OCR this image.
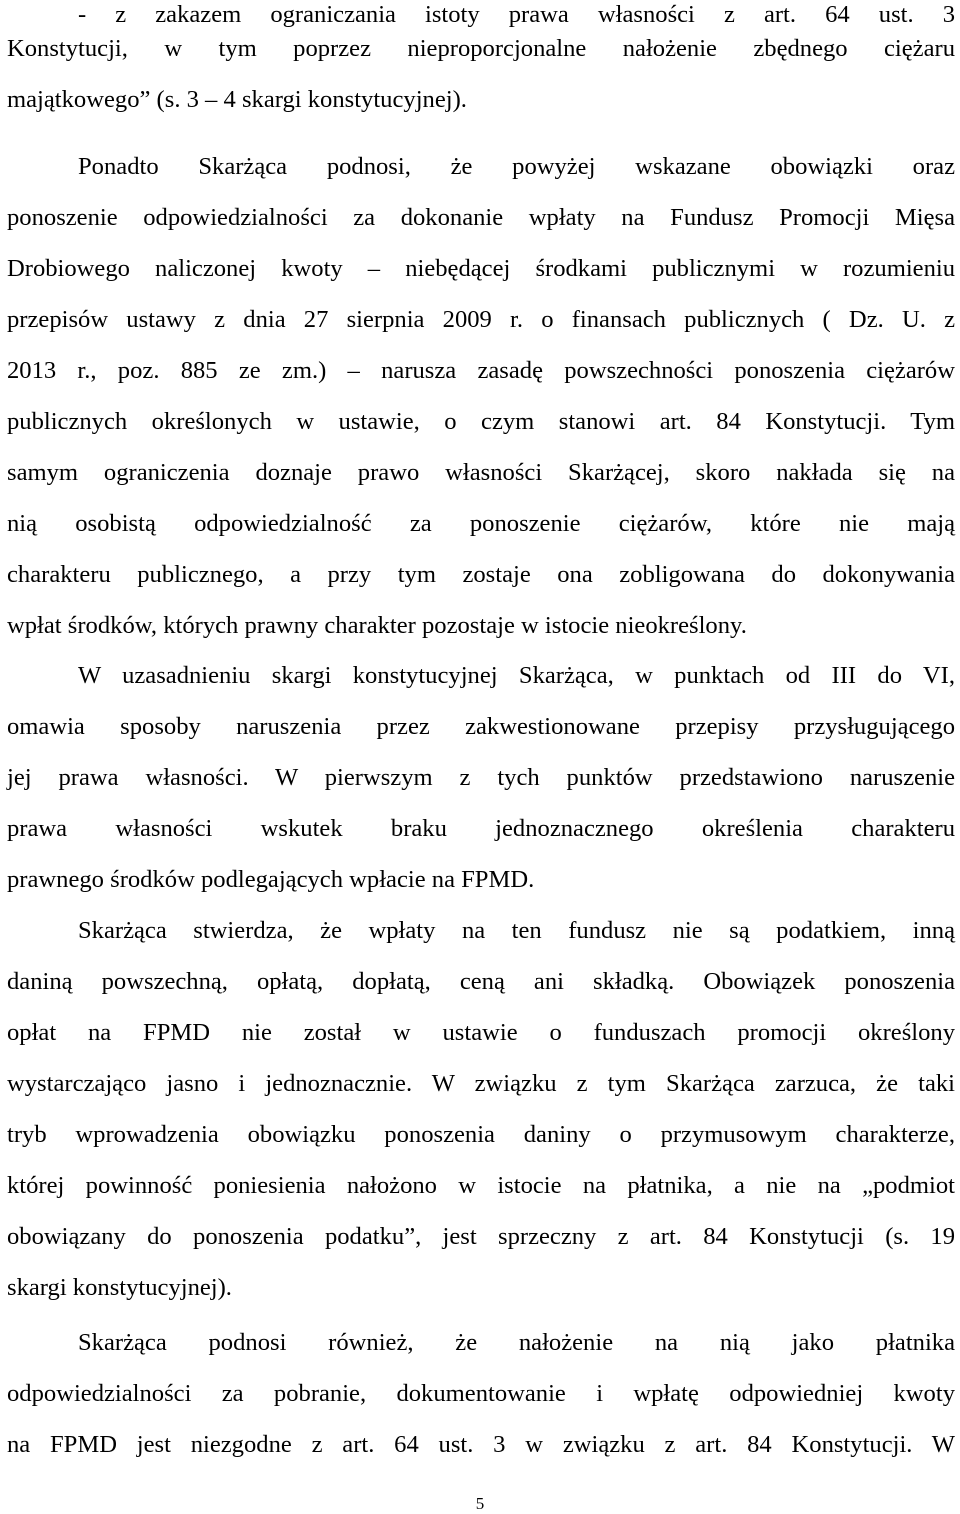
- z zakazem ograniczania istoty prawa własności z art. 64 ust. 3
Konstytucji, w tym poprzez nieproporcjonalne nałożenie zbędnego ciężaru
majątkowego” (s. 3 – 4 skargi konstytucyjnej).
Ponadto Skarżąca podnosi, że powyżej wskazane obowiązki oraz
ponoszenie odpowiedzialności za dokonanie wpłaty na Fundusz Promocji Mięsa
Drobiowego naliczonej kwoty – niebędącej środkami publicznymi w rozumieniu
przepisów ustawy z dnia 27 sierpnia 2009 r. o finansach publicznych ( Dz. U. z
2013 r., poz. 885 ze zm.) – narusza zasadę powszechności ponoszenia ciężarów
publicznych określonych w ustawie, o czym stanowi art. 84 Konstytucji. Tym
samym ograniczenia doznaje prawo własności Skarżącej, skoro nakłada się na
nią osobistą odpowiedzialność za ponoszenie ciężarów, które nie mają
charakteru publicznego, a przy tym zostaje ona zobligowana do dokonywania
wpłat środków, których prawny charakter pozostaje w istocie nieokreślony.
W uzasadnieniu skargi konstytucyjnej Skarżąca, w punktach od III do VI,
omawia sposoby naruszenia przez zakwestionowane przepisy przysługującego
jej prawa własności. W pierwszym z tych punktów przedstawiono naruszenie
prawa własności wskutek braku jednoznacznego określenia charakteru
prawnego środków podlegających wpłacie na FPMD.
Skarżąca stwierdza, że wpłaty na ten fundusz nie są podatkiem, inną
daniną powszechną, opłatą, dopłatą, ceną ani składką. Obowiązek ponoszenia
opłat na FPMD nie został w ustawie o funduszach promocji określony
wystarczająco jasno i jednoznacznie. W związku z tym Skarżąca zarzuca, że taki
tryb wprowadzenia obowiązku ponoszenia daniny o przymusowym charakterze,
której powinność poniesienia nałożono w istocie na płatnika, a nie na „podmiot
obowiązany do ponoszenia podatku”, jest sprzeczny z art. 84 Konstytucji (s. 19
skargi konstytucyjnej).
Skarżąca podnosi również, że nałożenie na nią jako płatnika
odpowiedzialności za pobranie, dokumentowanie i wpłatę odpowiedniej kwoty
na FPMD jest niezgodne z art. 64 ust. 3 w związku z art. 84 Konstytucji. W
5
